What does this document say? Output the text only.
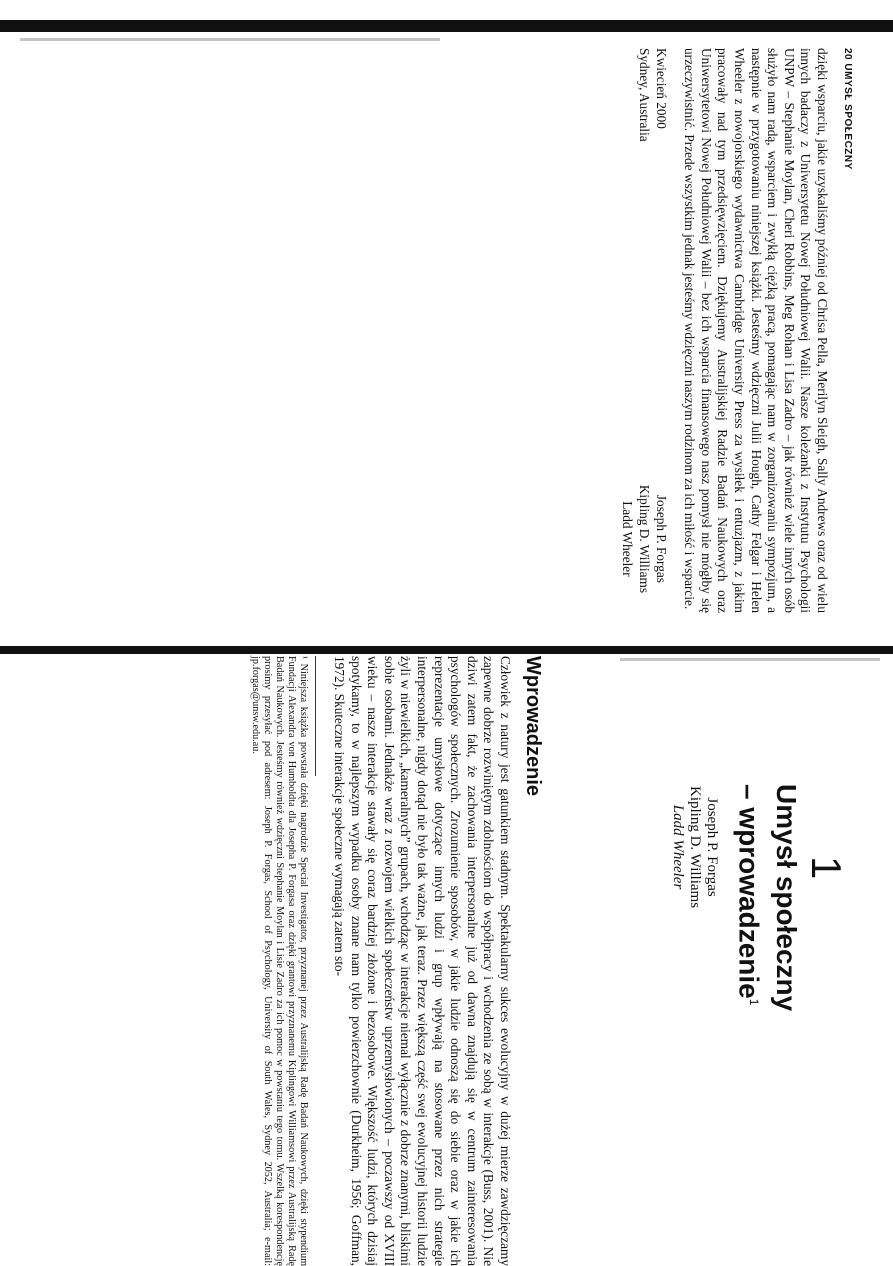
20 UMYSŁ SPOŁECZNY

dzięki wsparciu, jakie uzyskaliśmy później od Chrisa Pella, Merilyn Sleigh, Sally Andrews oraz od wielu innych badaczy z Uniwersytetu Nowej Południowej Walii. Nasze koleżanki z Instytutu Psychologii UNPW – Stephanie Moylan, Cheri Robbins, Meg Rohan i Lisa Zadro – jak również wiele innych osób służyło nam radą, wsparciem i zwykłą ciężką pracą, pomagając nam w zorganizowaniu sympozjum, a następnie w przygotowaniu niniejszej książki. Jesteśmy wdzięczni Julii Hough, Cathy Felgar i Helen Wheeler z nowojorskiego wydawnictwa Cambridge University Press za wysiłek i entuzjazm, z jakim pracowały nad tym przedsięwzięciem. Dziękujemy Australijskiej Radzie Badań Naukowych oraz Uniwersytetowi Nowej Południowej Walii – bez ich wsparcia finansowego nasz pomysł nie mógłby się urzeczywistnić. Przede wszystkim jednak jesteśmy wdzięczni naszym rodzinom za ich miłość i wsparcie.

Kwiecień 2000
Sydney, Australia
Joseph P. Forgas
Kipling D. Williams
Ladd Wheeler
1
Umysł społeczny
– wprowadzenie$^1$
Joseph P. Forgas
Kipling D. Williams
Ladd Wheeler
Wprowadzenie

Człowiek z natury jest gatunkiem stadnym. Spektakularny sukces ewolucyjny w dużej mierze zawdzięczamy zapewne dobrze rozwiniętym zdolnościom do współpracy i wchodzenia ze sobą w interakcje (Buss, 2001). Nie dziwi zatem fakt, że zachowania interpersonalne już od dawna znajdują się w centrum zainteresowania psychologów społecznych. Zrozumienie sposobów, w jakie ludzie odnoszą się do siebie oraz w jakie ich reprezentacje umysłowe dotyczące innych ludzi i grup wpływają na stosowane przez nich strategie interpersonalne, nigdy dotąd nie było tak ważne, jak teraz. Przez większą część swej ewolucyjnej historii ludzie żyli w niewielkich, „kameralnych” grupach, wchodząc w interakcje niemal wyłącznie z dobrze znanymi, bliskimi sobie osobami. Jednakże wraz z rozwojem wielkich społeczeństw uprzemysłowionych – poczawszy od XVIII wieku – nasze interakcje stawały się coraz bardziej złożone i bezosobowe. Większość ludzi, których dzisiaj spotykamy, to w najlepszym wypadku osoby znane nam tylko powierzchownie (Durkheim, 1956; Goffman, 1972). Skuteczne interakcje społeczne wymagają zatem sto-

¹ Niniejsza książka powstała dzięki nagrodzie Special Investigator, przyznanej przez Australijską Radę Badań Naukowych, dzięki stypendium Fundacji Alexandra von Humboldta dla Josepha P. Forgasa oraz dzięki grantowi przyznanemu Kiplingowi Williamsowi przez Australijską Radę Badań Naukowych. Jesteśmy również wdzięczni Stephanie Moylan i Lisie Zadro za ich pomoc w powstaniu tego tomu. Wszelką korespondencję prosimy przesyłać pod adresem: Joseph P. Forgas, School of Psychology, University of South Wales, Sydney 2052, Australia; e-mail: jp.forgas@unsw.edu.au.
